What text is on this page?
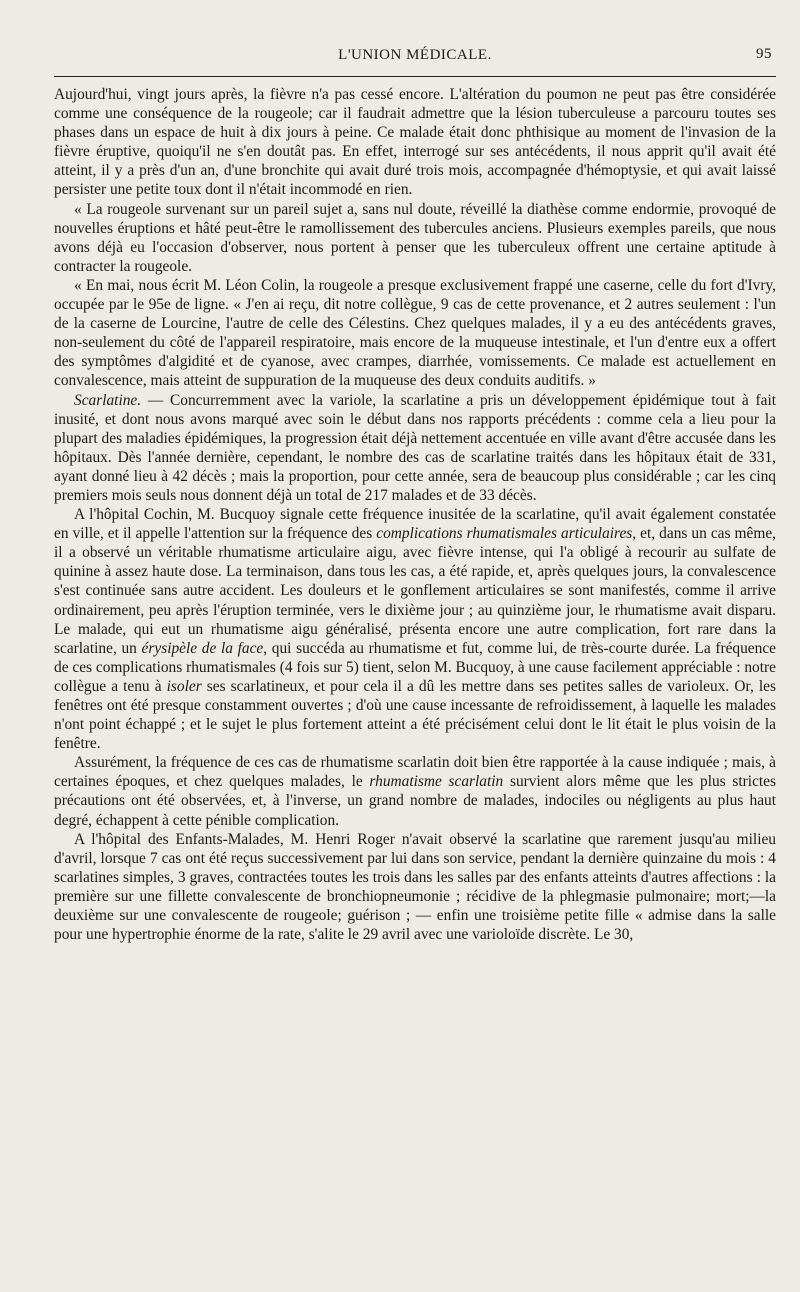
L'UNION MÉDICALE.	95

Aujourd'hui, vingt jours après, la fièvre n'a pas cessé encore. L'altération du poumon ne peut pas être considérée comme une conséquence de la rougeole; car il faudrait admettre que la lésion tuberculeuse a parcouru toutes ses phases dans un espace de huit à dix jours à peine. Ce malade était donc phthisique au moment de l'invasion de la fièvre éruptive, quoiqu'il ne s'en doutât pas. En effet, interrogé sur ses antécédents, il nous apprit qu'il avait été atteint, il y a près d'un an, d'une bronchite qui avait duré trois mois, accompagnée d'hémoptysie, et qui avait laissé persister une petite toux dont il n'était incommodé en rien.

« La rougeole survenant sur un pareil sujet a, sans nul doute, réveillé la diathèse comme endormie, provoqué de nouvelles éruptions et hâté peut-être le ramollissement des tubercules anciens. Plusieurs exemples pareils, que nous avons déjà eu l'occasion d'observer, nous portent à penser que les tuberculeux offrent une certaine aptitude à contracter la rougeole.

« En mai, nous écrit M. Léon Colin, la rougeole a presque exclusivement frappé une caserne, celle du fort d'Ivry, occupée par le 95e de ligne. « J'en ai reçu, dit notre collègue, 9 cas de cette provenance, et 2 autres seulement : l'un de la caserne de Lourcine, l'autre de celle des Célestins. Chez quelques malades, il y a eu des antécédents graves, non-seulement du côté de l'appareil respiratoire, mais encore de la muqueuse intestinale, et l'un d'entre eux a offert des symptômes d'algidité et de cyanose, avec crampes, diarrhée, vomissements. Ce malade est actuellement en convalescence, mais atteint de suppuration de la muqueuse des deux conduits auditifs. »

Scarlatine. — Concurremment avec la variole, la scarlatine a pris un développement épidémique tout à fait inusité, et dont nous avons marqué avec soin le début dans nos rapports précédents : comme cela a lieu pour la plupart des maladies épidémiques, la progression était déjà nettement accentuée en ville avant d'être accusée dans les hôpitaux. Dès l'année dernière, cependant, le nombre des cas de scarlatine traités dans les hôpitaux était de 331, ayant donné lieu à 42 décès ; mais la proportion, pour cette année, sera de beaucoup plus considérable ; car les cinq premiers mois seuls nous donnent déjà un total de 217 malades et de 33 décès.

A l'hôpital Cochin, M. Bucquoy signale cette fréquence inusitée de la scarlatine, qu'il avait également constatée en ville, et il appelle l'attention sur la fréquence des complications rhumatismales articulaires, et, dans un cas même, il a observé un véritable rhumatisme articulaire aigu, avec fièvre intense, qui l'a obligé à recourir au sulfate de quinine à assez haute dose. La terminaison, dans tous les cas, a été rapide, et, après quelques jours, la convalescence s'est continuée sans autre accident. Les douleurs et le gonflement articulaires se sont manifestés, comme il arrive ordinairement, peu après l'éruption terminée, vers le dixième jour ; au quinzième jour, le rhumatisme avait disparu. Le malade, qui eut un rhumatisme aigu généralisé, présenta encore une autre complication, fort rare dans la scarlatine, un érysipèle de la face, qui succéda au rhumatisme et fut, comme lui, de très-courte durée. La fréquence de ces complications rhumatismales (4 fois sur 5) tient, selon M. Bucquoy, à une cause facilement appréciable : notre collègue a tenu à isoler ses scarlatineux, et pour cela il a dû les mettre dans ses petites salles de varioleux. Or, les fenêtres ont été presque constamment ouvertes ; d'où une cause incessante de refroidissement, à laquelle les malades n'ont point échappé ; et le sujet le plus fortement atteint a été précisément celui dont le lit était le plus voisin de la fenêtre.

Assurément, la fréquence de ces cas de rhumatisme scarlatin doit bien être rapportée à la cause indiquée ; mais, à certaines époques, et chez quelques malades, le rhumatisme scarlatin survient alors même que les plus strictes précautions ont été observées, et, à l'inverse, un grand nombre de malades, indociles ou négligents au plus haut degré, échappent à cette pénible complication.

A l'hôpital des Enfants-Malades, M. Henri Roger n'avait observé la scarlatine que rarement jusqu'au milieu d'avril, lorsque 7 cas ont été reçus successivement par lui dans son service, pendant la dernière quinzaine du mois : 4 scarlatines simples, 3 graves, contractées toutes les trois dans les salles par des enfants atteints d'autres affections : la première sur une fillette convalescente de bronchiopneumonie ; récidive de la phlegmasie pulmonaire; mort;—la deuxième sur une convalescente de rougeole; guérison ; — enfin une troisième petite fille « admise dans la salle pour une hypertrophie énorme de la rate, s'alite le 29 avril avec une varioloïde discrète. Le 30,
